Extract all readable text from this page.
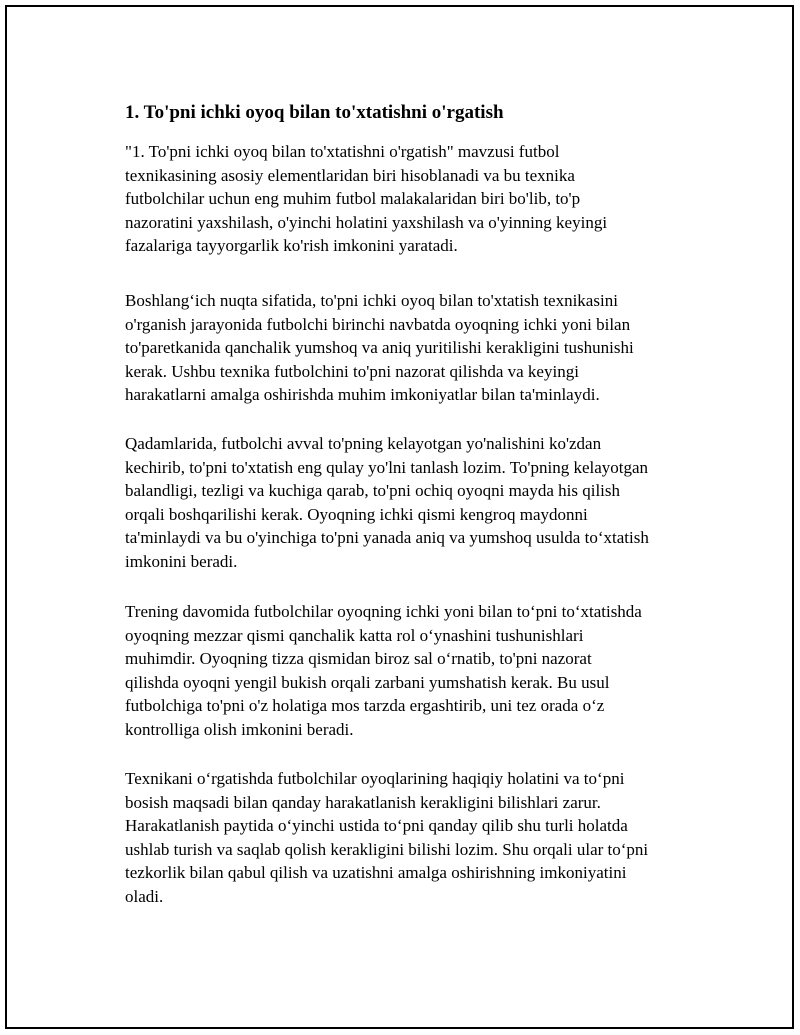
1. To'pni ichki oyoq bilan to'xtatishni o'rgatish
"1. To'pni ichki oyoq bilan to'xtatishni o'rgatish" mavzusi futbol
texnikasining asosiy elementlaridan biri hisoblanadi va bu texnika
futbolchilar uchun eng muhim futbol malakalaridan biri bo'lib, to'p
nazoratini yaxshilash, o'yinchi holatini yaxshilash va o'yinning keyingi
fazalariga tayyorgarlik ko'rish imkonini yaratadi.
Boshlang‘ich nuqta sifatida, to'pni ichki oyoq bilan to'xtatish texnikasini
o'rganish jarayonida futbolchi birinchi navbatda oyoqning ichki yoni bilan
to'paretkanida qanchalik yumshoq va aniq yuritilishi kerakligini tushunishi
kerak. Ushbu texnika futbolchini to'pni nazorat qilishda va keyingi
harakatlarni amalga oshirishda muhim imkoniyatlar bilan ta'minlaydi.
Qadamlarida, futbolchi avval to'pning kelayotgan yo'nalishini ko'zdan
kechirib, to'pni to'xtatish eng qulay yo'lni tanlash lozim. To'pning kelayotgan
balandligi, tezligi va kuchiga qarab, to'pni ochiq oyoqni mayda his qilish
orqali boshqarilishi kerak. Oyoqning ichki qismi kengroq maydonni
ta'minlaydi va bu o'yinchiga to'pni yanada aniq va yumshoq usulda to‘xtatish
imkonini beradi.
Trening davomida futbolchilar oyoqning ichki yoni bilan to‘pni to‘xtatishda
oyoqning mezzar qismi qanchalik katta rol o‘ynashini tushunishlari
muhimdir. Oyoqning tizza qismidan biroz sal o‘rnatib, to'pni nazorat
qilishda oyoqni yengil bukish orqali zarbani yumshatish kerak. Bu usul
futbolchiga to'pni o'z holatiga mos tarzda ergashtirib, uni tez orada o‘z
kontrolliga olish imkonini beradi.
Texnikani o‘rgatishda futbolchilar oyoqlarining haqiqiy holatini va to‘pni
bosish maqsadi bilan qanday harakatlanish kerakligini bilishlari zarur.
Harakatlanish paytida o‘yinchi ustida to‘pni qanday qilib shu turli holatda
ushlab turish va saqlab qolish kerakligini bilishi lozim. Shu orqali ular to‘pni
tezkorlik bilan qabul qilish va uzatishni amalga oshirishning imkoniyatini
oladi.
